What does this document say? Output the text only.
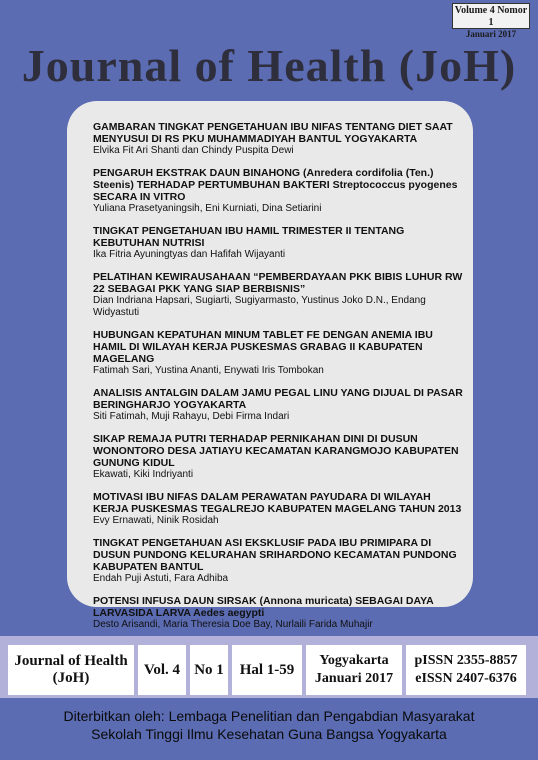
Volume 4 Nomor 1
Januari 2017
Journal of Health (JoH)
GAMBARAN TINGKAT PENGETAHUAN IBU NIFAS TENTANG DIET SAAT MENYUSUI DI RS PKU MUHAMMADIYAH BANTUL YOGYAKARTA
Elvika Fit Ari Shanti dan Chindy Puspita Dewi
PENGARUH EKSTRAK DAUN BINAHONG (Anredera cordifolia (Ten.) Steenis) TERHADAP PERTUMBUHAN BAKTERI Streptococcus pyogenes SECARA IN VITRO
Yuliana Prasetyaningsih, Eni Kurniati, Dina Setiarini
TINGKAT PENGETAHUAN IBU HAMIL TRIMESTER II TENTANG KEBUTUHAN NUTRISI
Ika Fitria Ayuningtyas dan Hafifah Wijayanti
PELATIHAN KEWIRAUSAHAAN “PEMBERDAYAAN PKK BIBIS LUHUR RW 22 SEBAGAI PKK YANG SIAP BERBISNIS”
Dian Indriana Hapsari, Sugiarti, Sugiyarmasto, Yustinus Joko D.N., Endang Widyastuti
HUBUNGAN KEPATUHAN MINUM TABLET FE DENGAN ANEMIA IBU HAMIL DI WILAYAH KERJA PUSKESMAS GRABAG II KABUPATEN MAGELANG
Fatimah Sari, Yustina Ananti, Enywati Iris Tombokan
ANALISIS ANTALGIN DALAM JAMU PEGAL LINU YANG DIJUAL DI PASAR BERINGHARJO YOGYAKARTA
Siti Fatimah, Muji Rahayu, Debi Firma Indari
SIKAP REMAJA PUTRI TERHADAP PERNIKAHAN DINI DI DUSUN WONONTORO DESA JATIAYU KECAMATAN KARANGMOJO KABUPATEN GUNUNG KIDUL
Ekawati, Kiki Indriyanti
MOTIVASI IBU NIFAS DALAM PERAWATAN PAYUDARA DI WILAYAH KERJA PUSKESMAS TEGALREJO KABUPATEN MAGELANG TAHUN 2013
Evy Ernawati, Ninik Rosidah
TINGKAT PENGETAHUAN ASI EKSKLUSIF PADA IBU PRIMIPARA DI DUSUN PUNDONG KELURAHAN SRIHARDONO KECAMATAN PUNDONG KABUPATEN BANTUL
Endah Puji Astuti, Fara Adhiba
POTENSI INFUSA DAUN SIRSAK (Annona muricata) SEBAGAI DAYA LARVASIDA LARVA Aedes aegypti
Desto Arisandi, Maria Theresia Doe Bay, Nurlaili Farida Muhajir
Journal of Health
(JoH)
Vol. 4 No 1	Hal 1-59
Yogyakarta
Januari 2017
pISSN 2355-8857
eISSN 2407-6376
Diterbitkan oleh: Lembaga Penelitian dan Pengabdian Masyarakat
Sekolah Tinggi Ilmu Kesehatan Guna Bangsa Yogyakarta
